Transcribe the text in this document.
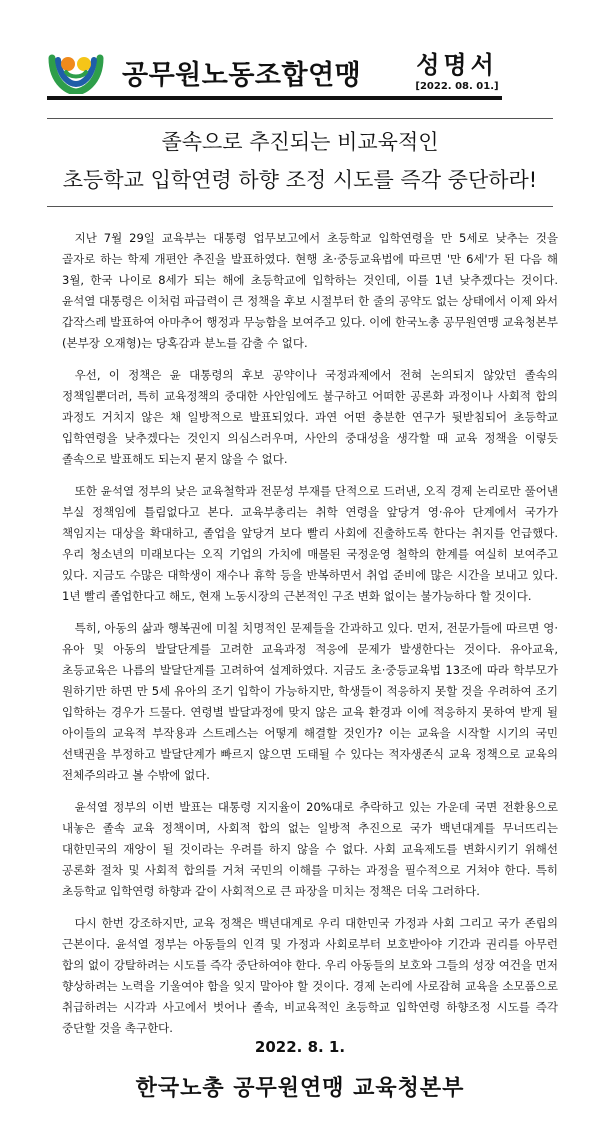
공무원노동조합연맹 성명서
[2022. 08. 01.]
졸속으로 추진되는 비교육적인
초등학교 입학연령 하향 조정 시도를 즉각 중단하라!

지난 7월 29일 교육부는 대통령 업무보고에서 초등학교 입학연령을 만 5세로 낮추는 것을 골자로 하는 학제 개편안 추진을 발표하였다. 현행 초·중등교육법에 따르면 '만 6세'가 된 다음 해 3월, 한국 나이로 8세가 되는 해에 초등학교에 입학하는 것인데, 이를 1년 낮추겠다는 것이다. 윤석열 대통령은 이처럼 파급력이 큰 정책을 후보 시절부터 한 줄의 공약도 없는 상태에서 이제 와서 갑작스레 발표하여 아마추어 행정과 무능함을 보여주고 있다. 이에 한국노총 공무원연맹 교육청본부(본부장 오재형)는 당혹감과 분노를 감출 수 없다.

우선, 이 정책은 윤 대통령의 후보 공약이나 국정과제에서 전혀 논의되지 않았던 졸속의 정책일뿐더러, 특히 교육정책의 중대한 사안임에도 불구하고 어떠한 공론화 과정이나 사회적 합의 과정도 거치지 않은 채 일방적으로 발표되었다. 과연 어떤 충분한 연구가 뒷받침되어 초등학교 입학연령을 낮추겠다는 것인지 의심스러우며, 사안의 중대성을 생각할 때 교육 정책을 이렇듯 졸속으로 발표해도 되는지 묻지 않을 수 없다.

또한 윤석열 정부의 낮은 교육철학과 전문성 부재를 단적으로 드러낸, 오직 경제 논리로만 풀어낸 부실 정책임에 틀림없다고 본다. 교육부총리는 취학 연령을 앞당겨 영·유아 단계에서 국가가 책임지는 대상을 확대하고, 졸업을 앞당겨 보다 빨리 사회에 진출하도록 한다는 취지를 언급했다. 우리 청소년의 미래보다는 오직 기업의 가치에 매몰된 국정운영 철학의 한계를 여실히 보여주고 있다. 지금도 수많은 대학생이 재수나 휴학 등을 반복하면서 취업 준비에 많은 시간을 보내고 있다. 1년 빨리 졸업한다고 해도, 현재 노동시장의 근본적인 구조 변화 없이는 불가능하다 할 것이다.

특히, 아동의 삶과 행복권에 미칠 치명적인 문제들을 간과하고 있다. 먼저, 전문가들에 따르면 영·유아 및 아동의 발달단계를 고려한 교육과정 적응에 문제가 발생한다는 것이다. 유아교육, 초등교육은 나름의 발달단계를 고려하여 설계하였다. 지금도 초·중등교육법 13조에 따라 학부모가 원하기만 하면 만 5세 유아의 조기 입학이 가능하지만, 학생들이 적응하지 못할 것을 우려하여 조기 입학하는 경우가 드물다. 연령별 발달과정에 맞지 않은 교육 환경과 이에 적응하지 못하여 받게 될 아이들의 교육적 부작용과 스트레스는 어떻게 해결할 것인가? 이는 교육을 시작할 시기의 국민 선택권을 부정하고 발달단계가 빠르지 않으면 도태될 수 있다는 적자생존식 교육 정책으로 교육의 전체주의라고 볼 수밖에 없다.

윤석열 정부의 이번 발표는 대통령 지지율이 20%대로 추락하고 있는 가운데 국면 전환용으로 내놓은 졸속 교육 정책이며, 사회적 합의 없는 일방적 추진으로 국가 백년대계를 무너뜨리는 대한민국의 재앙이 될 것이라는 우려를 하지 않을 수 없다. 사회 교육제도를 변화시키기 위해선 공론화 절차 및 사회적 합의를 거쳐 국민의 이해를 구하는 과정을 필수적으로 거쳐야 한다. 특히 초등학교 입학연령 하향과 같이 사회적으로 큰 파장을 미치는 정책은 더욱 그러하다.

다시 한번 강조하지만, 교육 정책은 백년대계로 우리 대한민국 가정과 사회 그리고 국가 존립의 근본이다. 윤석열 정부는 아동들의 인격 및 가정과 사회로부터 보호받아야 기간과 권리를 아무런 합의 없이 강탈하려는 시도를 즉각 중단하여야 한다. 우리 아동들의 보호와 그들의 성장 여건을 먼저 향상하려는 노력을 기울여야 함을 잊지 말아야 할 것이다. 경제 논리에 사로잡혀 교육을 소모품으로 취급하려는 시각과 사고에서 벗어나 졸속, 비교육적인 초등학교 입학연령 하향조정 시도를 즉각 중단할 것을 촉구한다.

2022. 8. 1.
한국노총 공무원연맹 교육청본부
